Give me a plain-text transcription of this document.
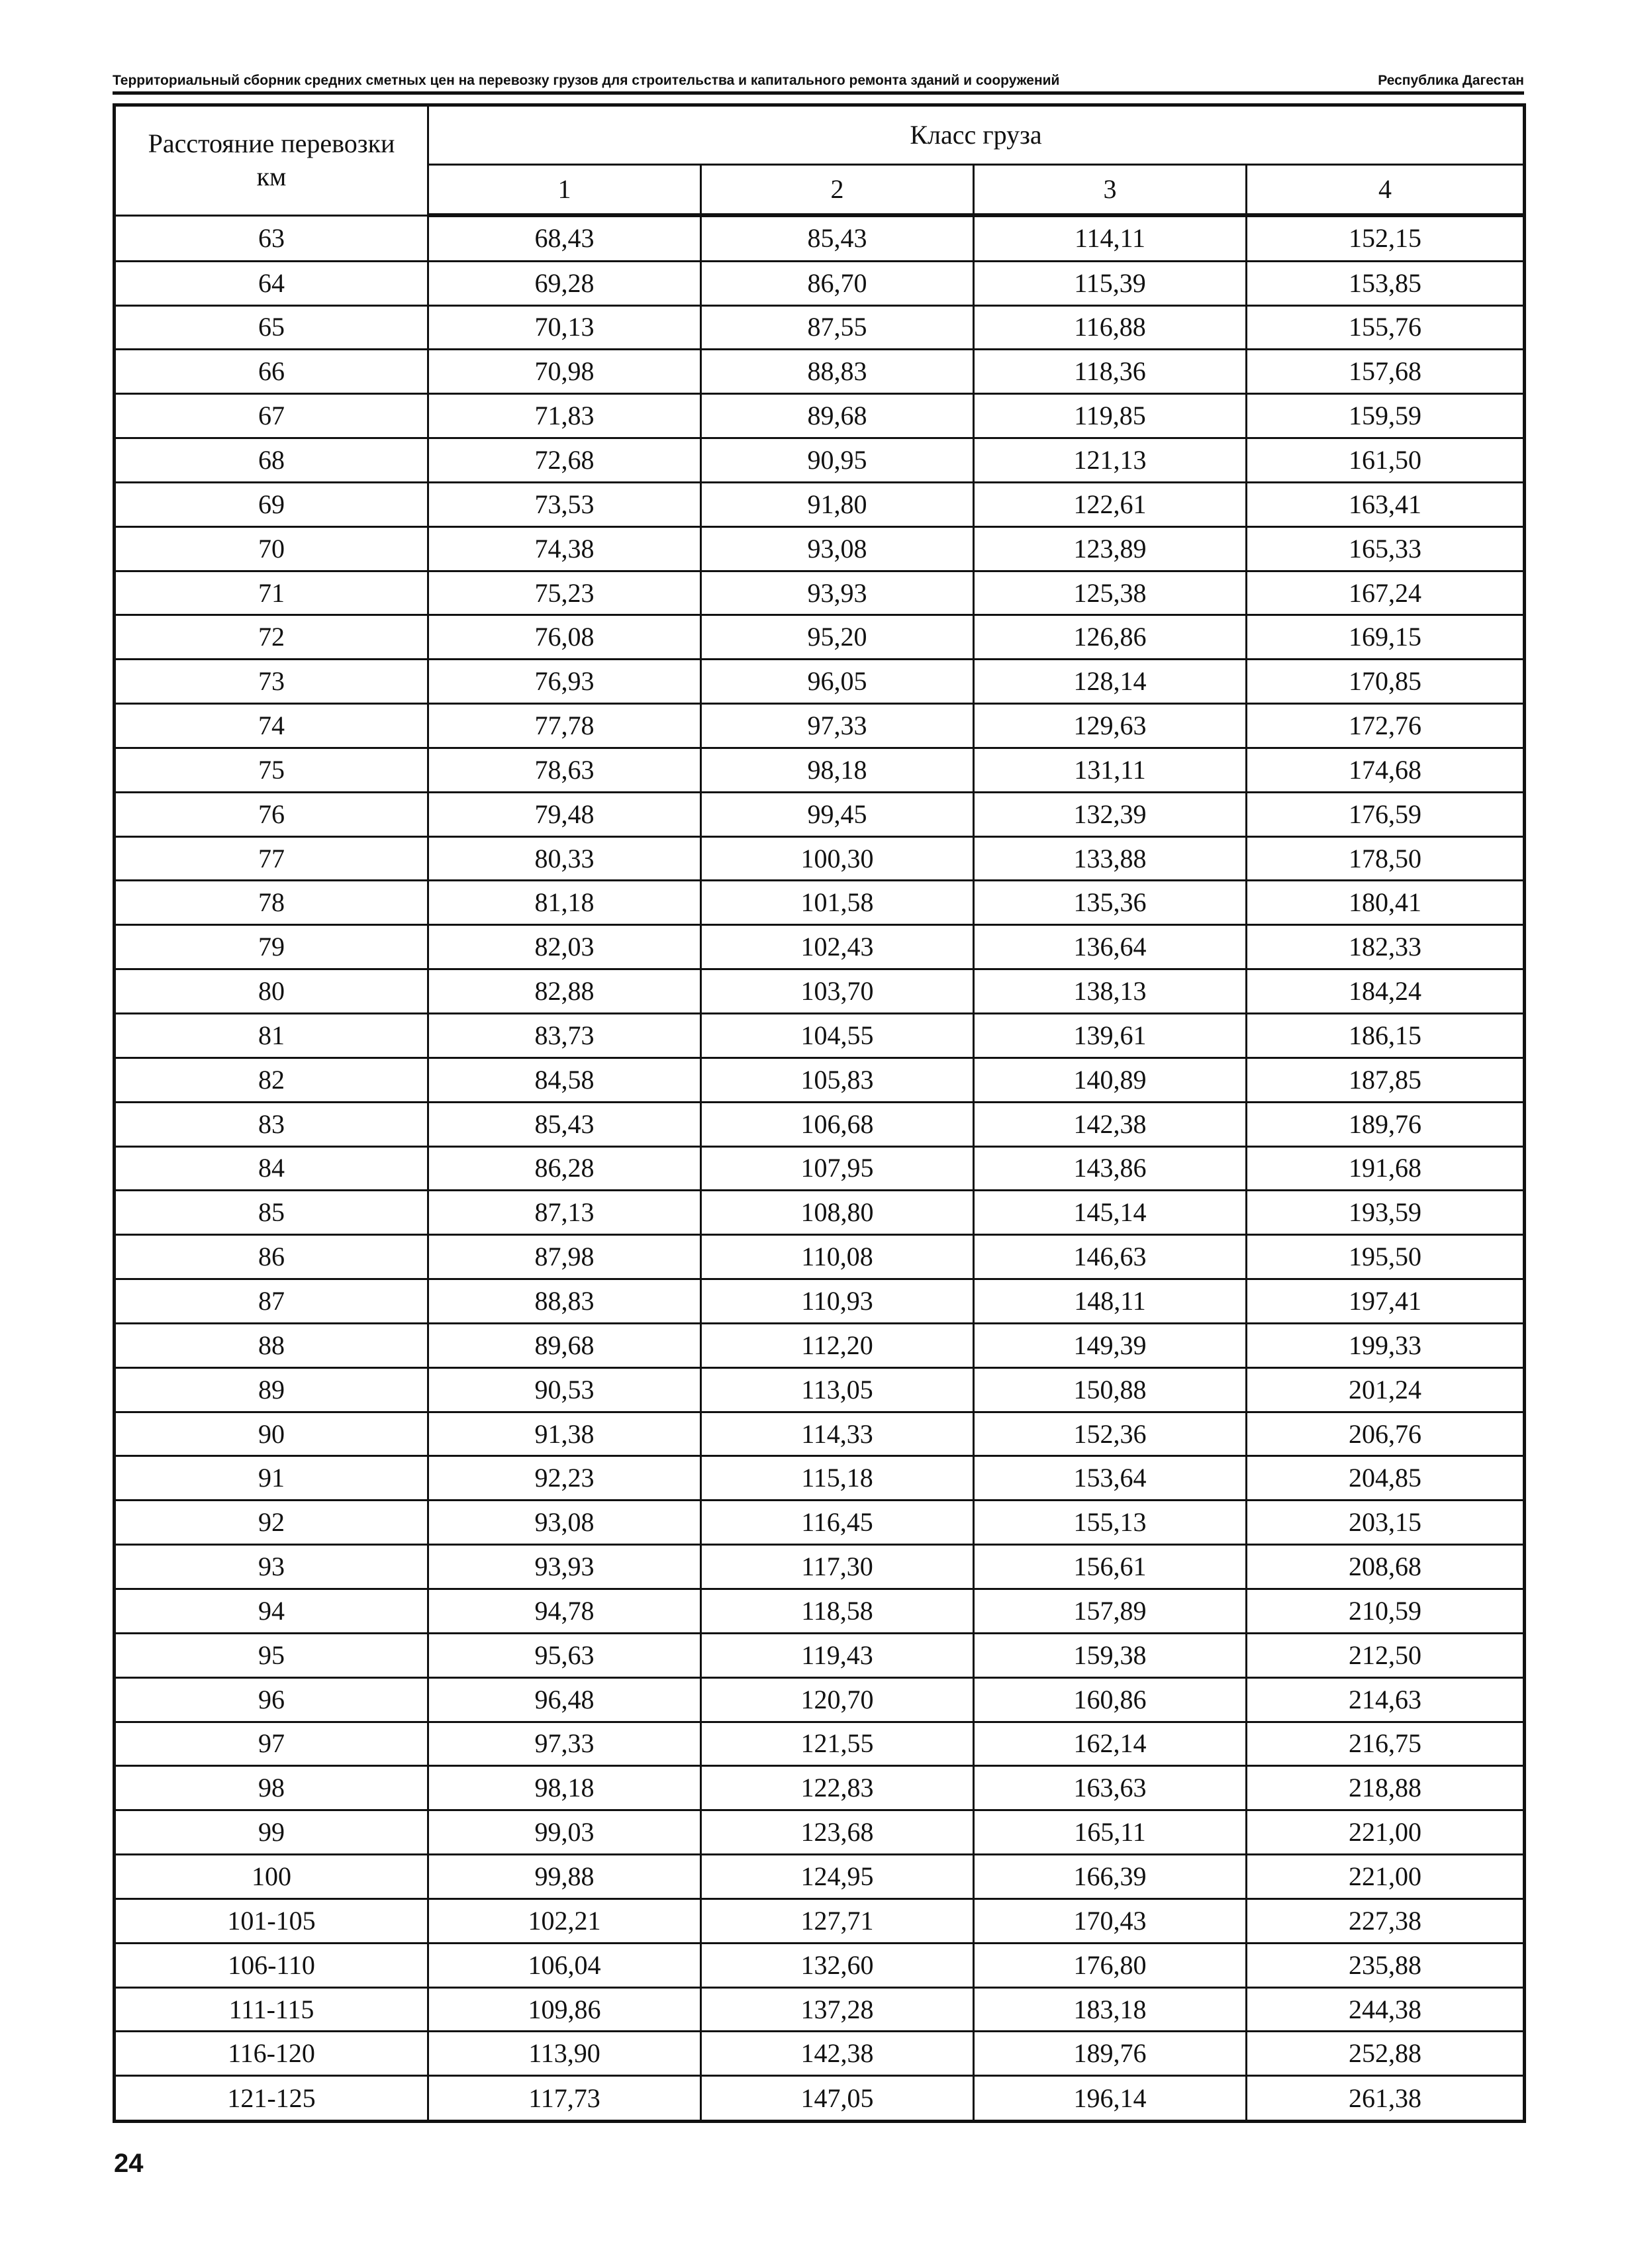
Территориальный сборник средних сметных цен на перевозку грузов для строительства и капитального ремонта зданий и сооружений	Республика Дагестан
Расстояние перевозки
км	Класс груза			
	1	2	3	4
63	68,43	85,43	114,11	152,15
64	69,28	86,70	115,39	153,85
65	70,13	87,55	116,88	155,76
66	70,98	88,83	118,36	157,68
67	71,83	89,68	119,85	159,59
68	72,68	90,95	121,13	161,50
69	73,53	91,80	122,61	163,41
70	74,38	93,08	123,89	165,33
71	75,23	93,93	125,38	167,24
72	76,08	95,20	126,86	169,15
73	76,93	96,05	128,14	170,85
74	77,78	97,33	129,63	172,76
75	78,63	98,18	131,11	174,68
76	79,48	99,45	132,39	176,59
77	80,33	100,30	133,88	178,50
78	81,18	101,58	135,36	180,41
79	82,03	102,43	136,64	182,33
80	82,88	103,70	138,13	184,24
81	83,73	104,55	139,61	186,15
82	84,58	105,83	140,89	187,85
83	85,43	106,68	142,38	189,76
84	86,28	107,95	143,86	191,68
85	87,13	108,80	145,14	193,59
86	87,98	110,08	146,63	195,50
87	88,83	110,93	148,11	197,41
88	89,68	112,20	149,39	199,33
89	90,53	113,05	150,88	201,24
90	91,38	114,33	152,36	206,76
91	92,23	115,18	153,64	204,85
92	93,08	116,45	155,13	203,15
93	93,93	117,30	156,61	208,68
94	94,78	118,58	157,89	210,59
95	95,63	119,43	159,38	212,50
96	96,48	120,70	160,86	214,63
97	97,33	121,55	162,14	216,75
98	98,18	122,83	163,63	218,88
99	99,03	123,68	165,11	221,00
100	99,88	124,95	166,39	221,00
101-105	102,21	127,71	170,43	227,38
106-110	106,04	132,60	176,80	235,88
111-115	109,86	137,28	183,18	244,38
116-120	113,90	142,38	189,76	252,88
121-125	117,73	147,05	196,14	261,38
24
